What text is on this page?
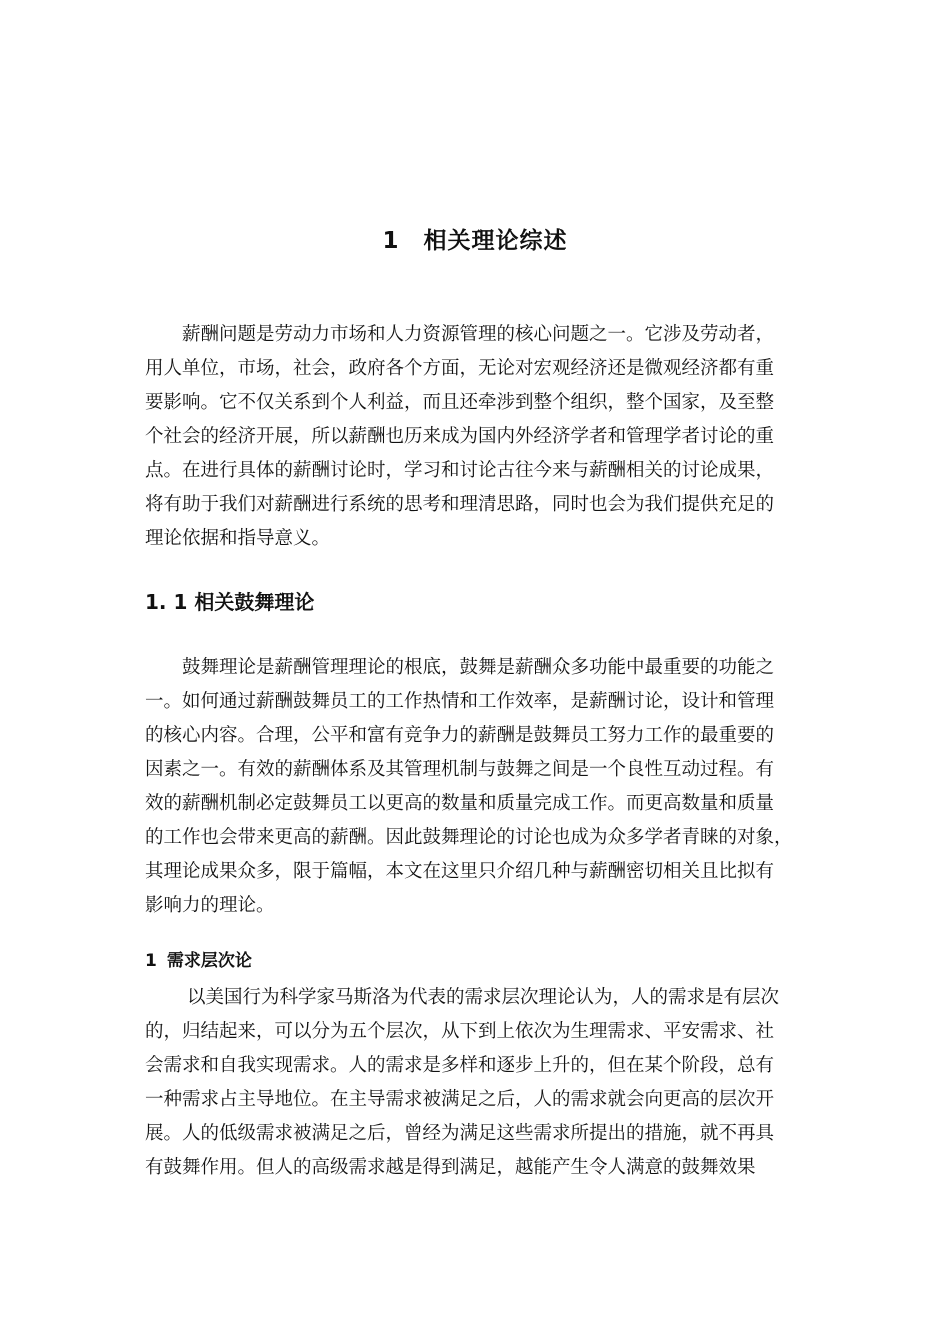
1 相关理论综述

薪酬问题是劳动力市场和人力资源管理的核心问题之一。它涉及劳动者，
用人单位，市场，社会，政府各个方面，无论对宏观经济还是微观经济都有重
要影响。它不仅关系到个人利益，而且还牵涉到整个组织，整个国家，及至整
个社会的经济开展，所以薪酬也历来成为国内外经济学者和管理学者讨论的重
点。在进行具体的薪酬讨论时，学习和讨论古往今来与薪酬相关的讨论成果，
将有助于我们对薪酬进行系统的思考和理清思路，同时也会为我们提供充足的
理论依据和指导意义。

1. 1 相关鼓舞理论

鼓舞理论是薪酬管理理论的根底，鼓舞是薪酬众多功能中最重要的功能之
一。如何通过薪酬鼓舞员工的工作热情和工作效率，是薪酬讨论，设计和管理
的核心内容。合理，公平和富有竞争力的薪酬是鼓舞员工努力工作的最重要的
因素之一。有效的薪酬体系及其管理机制与鼓舞之间是一个良性互动过程。有
效的薪酬机制必定鼓舞员工以更高的数量和质量完成工作。而更高数量和质量
的工作也会带来更高的薪酬。因此鼓舞理论的讨论也成为众多学者青睐的对象，
其理论成果众多，限于篇幅，本文在这里只介绍几种与薪酬密切相关且比拟有
影响力的理论。

1 需求层次论

以美国行为科学家马斯洛为代表的需求层次理论认为，人的需求是有层次
的，归结起来，可以分为五个层次，从下到上依次为生理需求、平安需求、社
会需求和自我实现需求。人的需求是多样和逐步上升的，但在某个阶段，总有
一种需求占主导地位。在主导需求被满足之后，人的需求就会向更高的层次开
展。人的低级需求被满足之后，曾经为满足这些需求所提出的措施，就不再具
有鼓舞作用。但人的高级需求越是得到满足，越能产生令人满意的鼓舞效果
